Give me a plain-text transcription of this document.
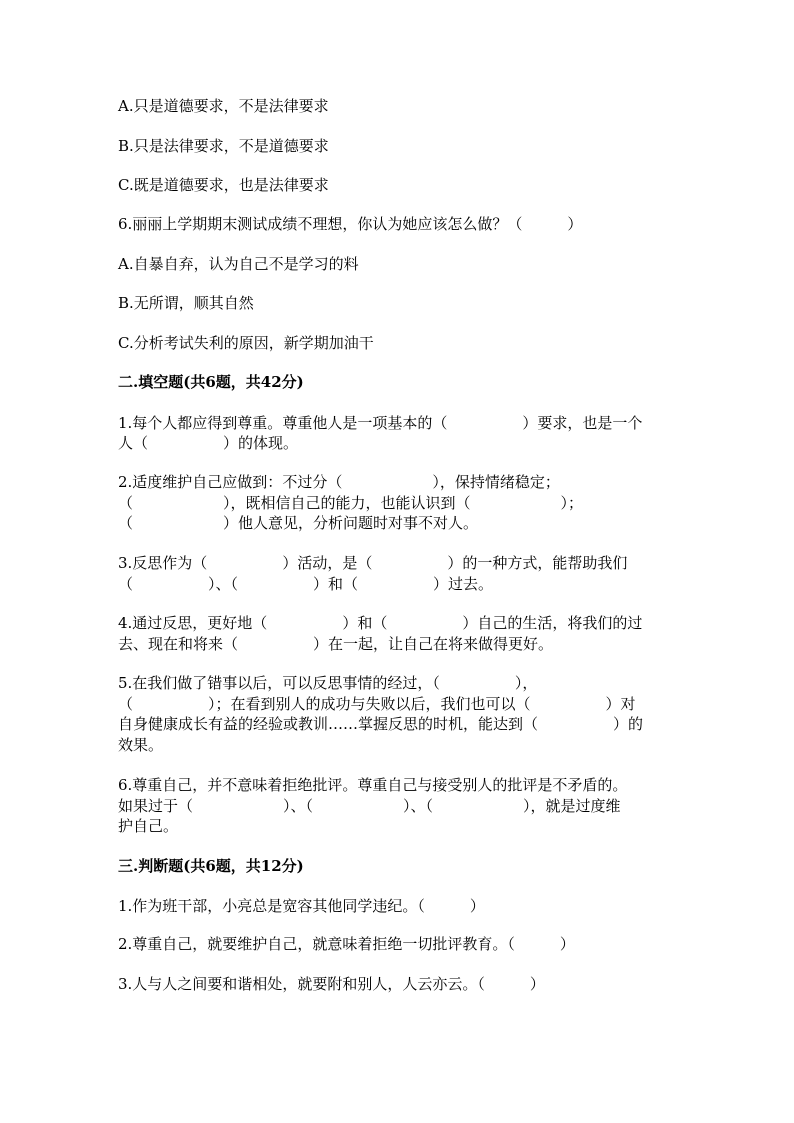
A.只是道德要求，不是法律要求

B.只是法律要求，不是道德要求

C.既是道德要求，也是法律要求

6.丽丽上学期期末测试成绩不理想，你认为她应该怎么做？（　　　）

A.自暴自弃，认为自己不是学习的料

B.无所谓，顺其自然

C.分析考试失利的原因，新学期加油干

二.填空题(共6题，共42分)

1.每个人都应得到尊重。尊重他人是一项基本的（　　　　　）要求，也是一个

人（　　　　　）的体现。

2.适度维护自己应做到：不过分（　　　　　　），保持情绪稳定；

（　　　　　　），既相信自己的能力，也能认识到（　　　　　　）；

（　　　　　　）他人意见，分析问题时对事不对人。

3.反思作为（　　　　　）活动，是（　　　　　）的一种方式，能帮助我们

（　　　　　）、（　　　　　）和（　　　　　）过去。

4.通过反思，更好地（　　　　　）和（　　　　　）自己的生活，将我们的过

去、现在和将来（　　　　　）在一起，让自己在将来做得更好。

5.在我们做了错事以后，可以反思事情的经过，（　　　　　），

（　　　　　）；在看到别人的成功与失败以后，我们也可以（　　　　　）对

自身健康成长有益的经验或教训……掌握反思的时机，能达到（　　　　　）的

效果。

6.尊重自己，并不意味着拒绝批评。尊重自己与接受别人的批评是不矛盾的。

如果过于（　　　　　　）、（　　　　　　）、（　　　　　　），就是过度维

护自己。

三.判断题(共6题，共12分)

1.作为班干部，小亮总是宽容其他同学违纪。（　　　）

2.尊重自己，就要维护自己，就意味着拒绝一切批评教育。（　　　）

3.人与人之间要和谐相处，就要附和别人，人云亦云。（　　　）
